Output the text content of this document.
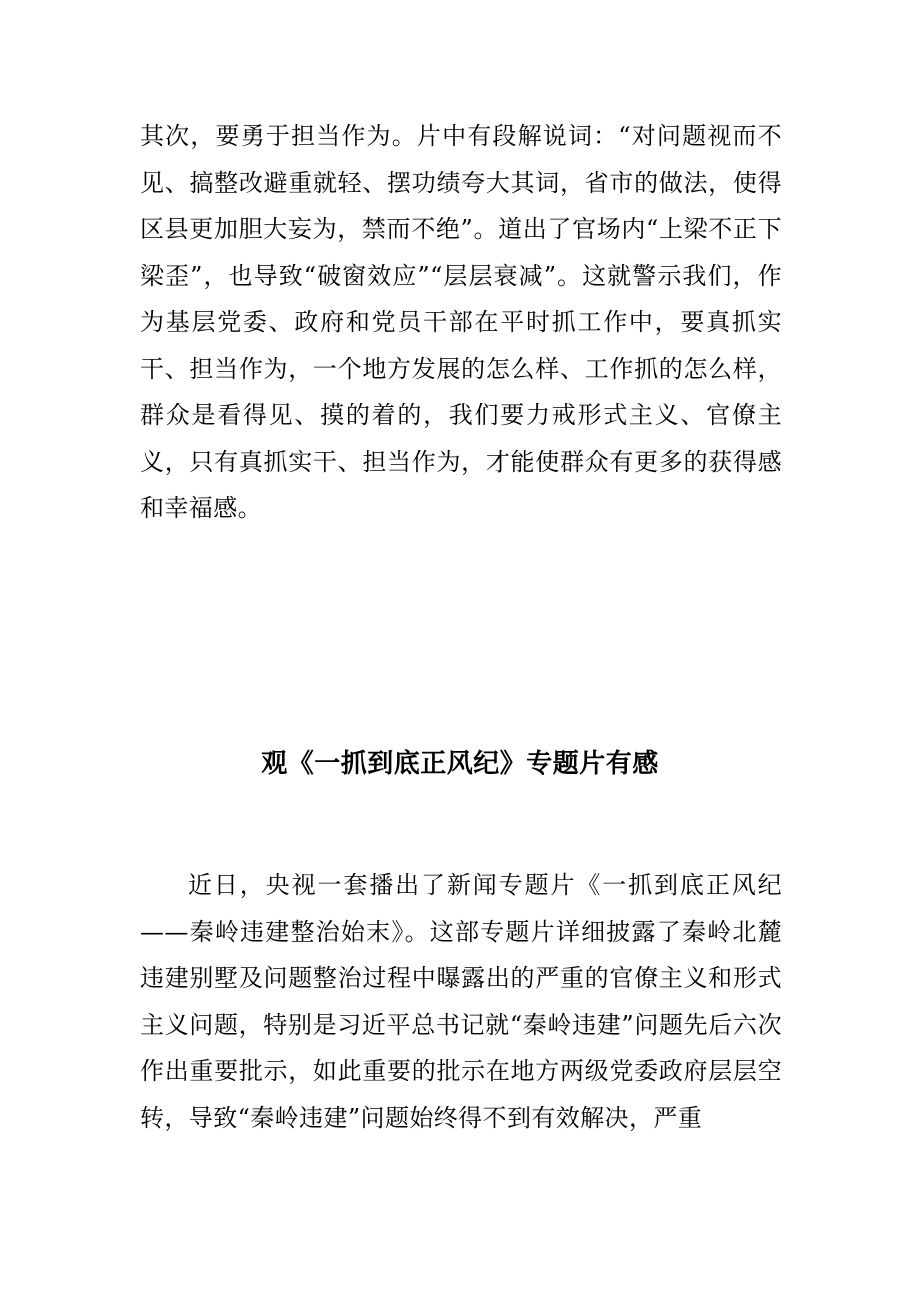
其次，要勇于担当作为。片中有段解说词：“对问题视而不见、搞整改避重就轻、摆功绩夸大其词，省市的做法，使得区县更加胆大妄为，禁而不绝”。道出了官场内“上梁不正下梁歪”，也导致“破窗效应”“层层衰减”。这就警示我们，作为基层党委、政府和党员干部在平时抓工作中，要真抓实干、担当作为，一个地方发展的怎么样、工作抓的怎么样，群众是看得见、摸的着的，我们要力戒形式主义、官僚主义，只有真抓实干、担当作为，才能使群众有更多的获得感和幸福感。

观《一抓到底正风纪》专题片有感

近日，央视一套播出了新闻专题片《一抓到底正风纪——秦岭违建整治始末》。这部专题片详细披露了秦岭北麓违建别墅及问题整治过程中曝露出的严重的官僚主义和形式主义问题，特别是习近平总书记就“秦岭违建”问题先后六次作出重要批示，如此重要的批示在地方两级党委政府层层空转，导致“秦岭违建”问题始终得不到有效解决，严重
